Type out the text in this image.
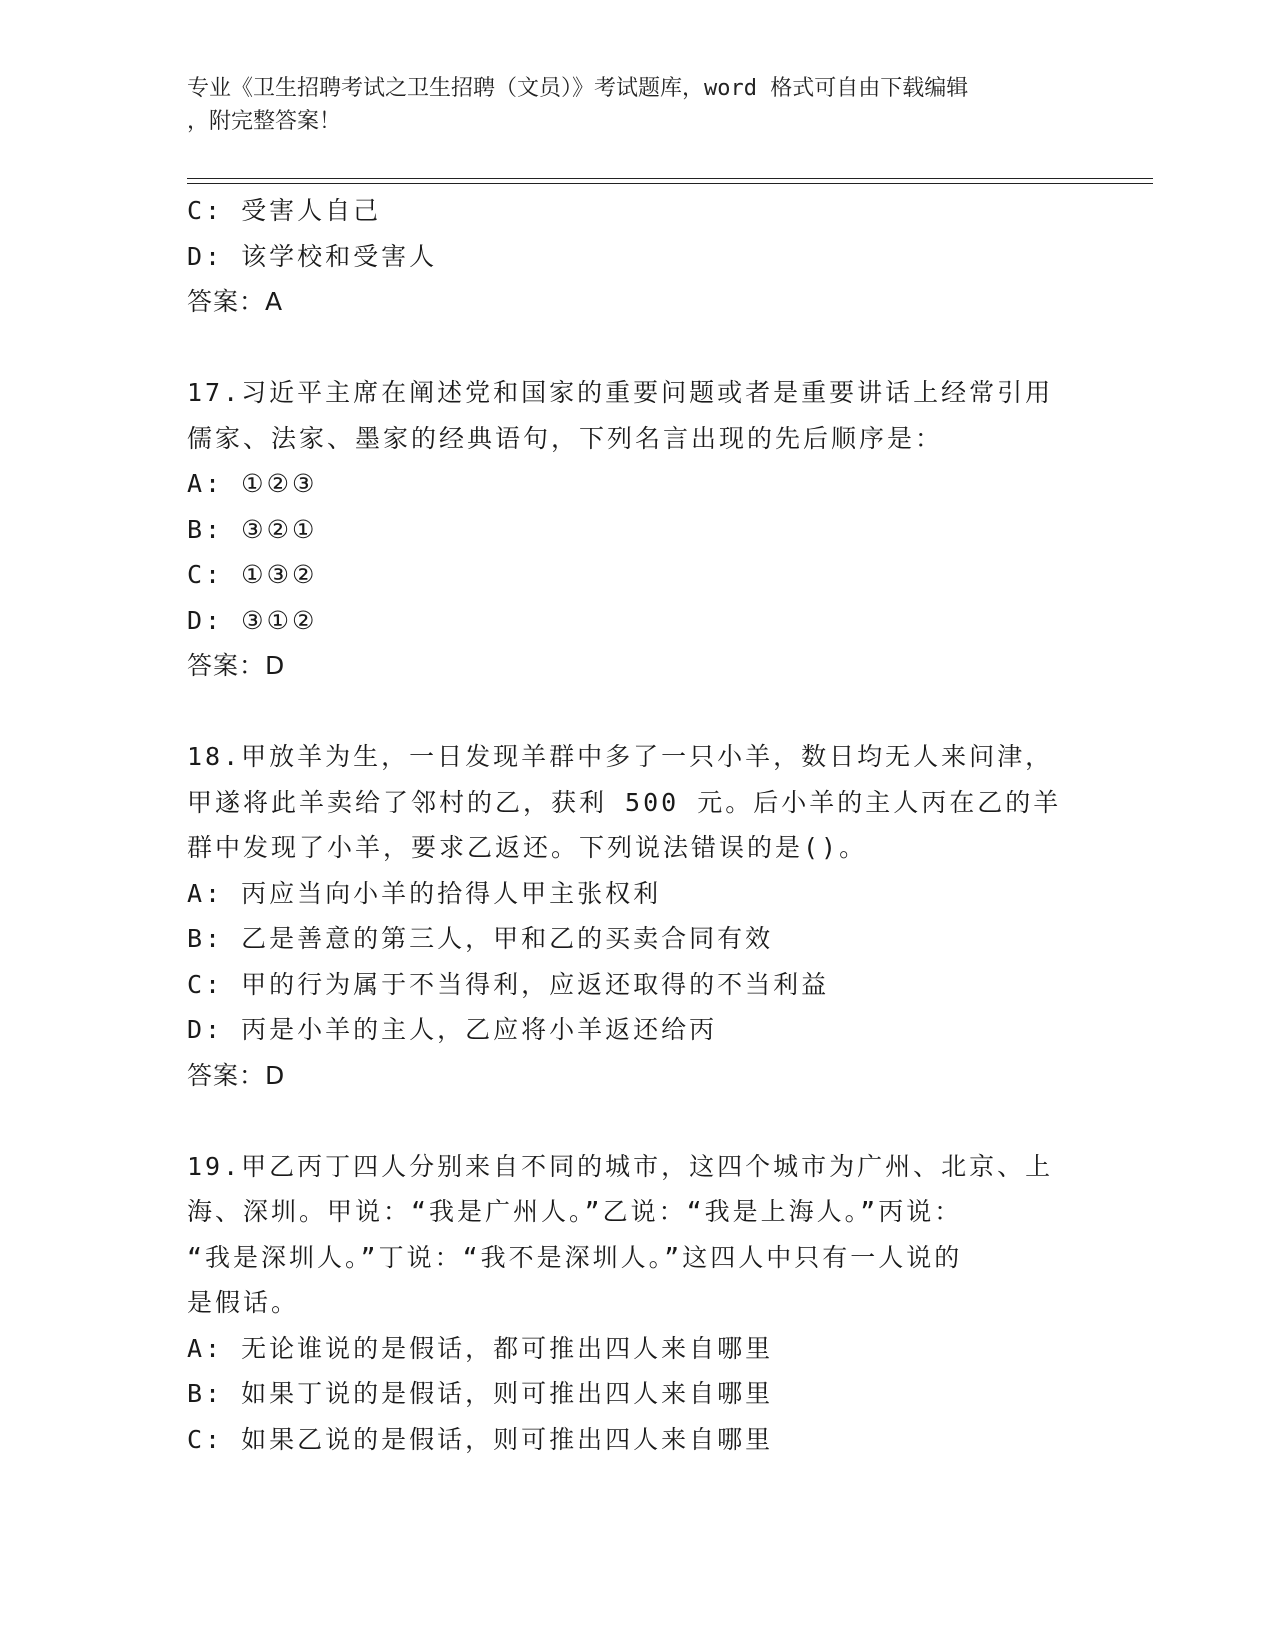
专业《卫生招聘考试之卫生招聘（文员）》考试题库，word 格式可自由下载编辑
，附完整答案！
C: 受害人自己
D: 该学校和受害人
答案：A
17.习近平主席在阐述党和国家的重要问题或者是重要讲话上经常引用
儒家、法家、墨家的经典语句，下列名言出现的先后顺序是：
A: ①②③
B: ③②①
C: ①③②
D: ③①②
答案：D
18.甲放羊为生，一日发现羊群中多了一只小羊，数日均无人来问津，
甲遂将此羊卖给了邻村的乙，获利 500 元。后小羊的主人丙在乙的羊
群中发现了小羊，要求乙返还。下列说法错误的是()。
A: 丙应当向小羊的拾得人甲主张权利
B: 乙是善意的第三人，甲和乙的买卖合同有效
C: 甲的行为属于不当得利，应返还取得的不当利益
D: 丙是小羊的主人，乙应将小羊返还给丙
答案：D
19.甲乙丙丁四人分别来自不同的城市，这四个城市为广州、北京、上
海、深圳。甲说：“我是广州人。”乙说：“我是上海人。”丙说：
“我是深圳人。”丁说：“我不是深圳人。”这四人中只有一人说的
是假话。
A: 无论谁说的是假话，都可推出四人来自哪里
B: 如果丁说的是假话，则可推出四人来自哪里
C: 如果乙说的是假话，则可推出四人来自哪里
